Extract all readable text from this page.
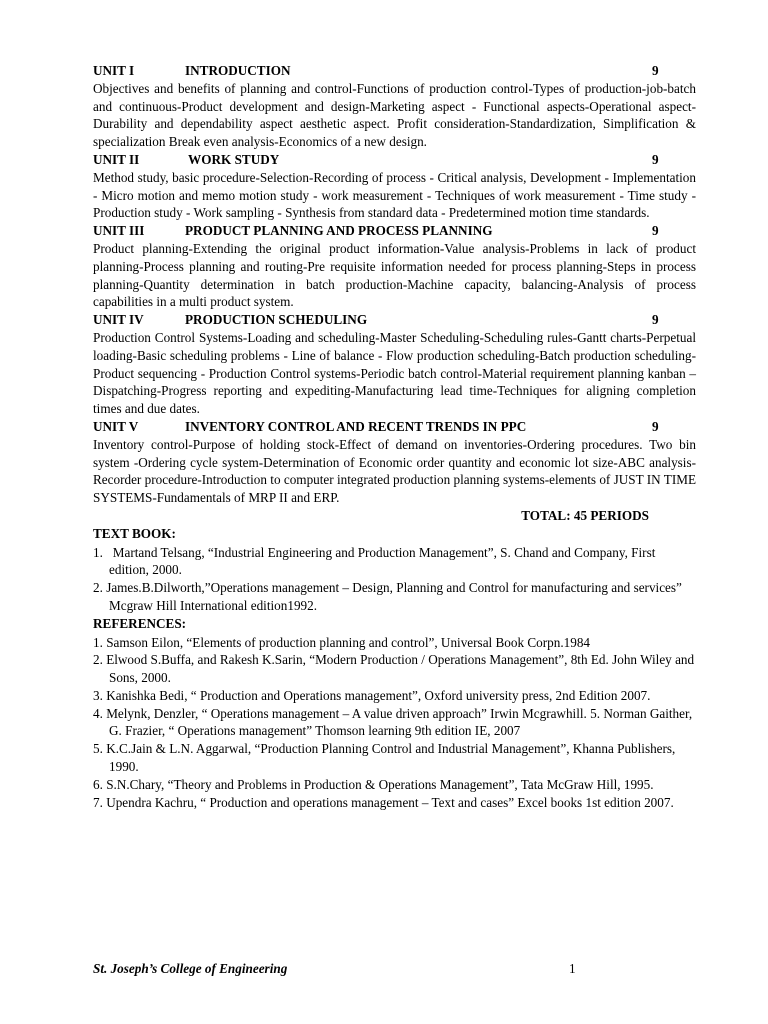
UNIT I	INTRODUCTION	9
Objectives and benefits of planning and control-Functions of production control-Types of production-job-batch and continuous-Product development and design-Marketing aspect - Functional aspects-Operational aspect-Durability and dependability aspect aesthetic aspect. Profit consideration-Standardization, Simplification & specialization Break even analysis-Economics of a new design.
UNIT II	WORK STUDY	9
Method study, basic procedure-Selection-Recording of process - Critical analysis, Development - Implementation - Micro motion and memo motion study - work measurement - Techniques of work measurement - Time study - Production study - Work sampling - Synthesis from standard data - Predetermined motion time standards.
UNIT III	PRODUCT PLANNING AND PROCESS PLANNING	9
Product planning-Extending the original product information-Value analysis-Problems in lack of product planning-Process planning and routing-Pre requisite information needed for process planning-Steps in process planning-Quantity determination in batch production-Machine capacity, balancing-Analysis of process capabilities in a multi product system.
UNIT IV	PRODUCTION SCHEDULING	9
Production Control Systems-Loading and scheduling-Master Scheduling-Scheduling rules-Gantt charts-Perpetual loading-Basic scheduling problems - Line of balance - Flow production scheduling-Batch production scheduling-Product sequencing - Production Control systems-Periodic batch control-Material requirement planning kanban –Dispatching-Progress reporting and expediting-Manufacturing lead time-Techniques for aligning completion times and due dates.
UNIT V	INVENTORY CONTROL AND RECENT TRENDS IN PPC	9
Inventory control-Purpose of holding stock-Effect of demand on inventories-Ordering procedures. Two bin system -Ordering cycle system-Determination of Economic order quantity and economic lot size-ABC analysis-Recorder procedure-Introduction to computer integrated production planning systems-elements of JUST IN TIME SYSTEMS-Fundamentals of MRP II and ERP.
TOTAL: 45 PERIODS
TEXT BOOK:

1.   Martand Telsang, “Industrial Engineering and Production Management”, S. Chand and Company, First edition, 2000.

2. James.B.Dilworth,”Operations management – Design, Planning and Control for manufacturing and services” Mcgraw Hill International edition1992.

REFERENCES:

1. Samson Eilon, “Elements of production planning and control”, Universal Book Corpn.1984

2. Elwood S.Buffa, and Rakesh K.Sarin, “Modern Production / Operations Management”, 8th Ed. John Wiley and Sons, 2000.

3. Kanishka Bedi, “ Production and Operations management”, Oxford university press, 2nd Edition 2007.

4. Melynk, Denzler, “ Operations management – A value driven approach” Irwin Mcgrawhill. 5. Norman Gaither, G. Frazier, “ Operations management” Thomson learning 9th edition IE, 2007

5. K.C.Jain & L.N. Aggarwal, “Production Planning Control and Industrial Management”, Khanna Publishers, 1990.

6. S.N.Chary, “Theory and Problems in Production & Operations Management”, Tata McGraw Hill, 1995.

7. Upendra Kachru, “ Production and operations management – Text and cases” Excel books 1st edition 2007.

St. Joseph’s College of Engineering	1
